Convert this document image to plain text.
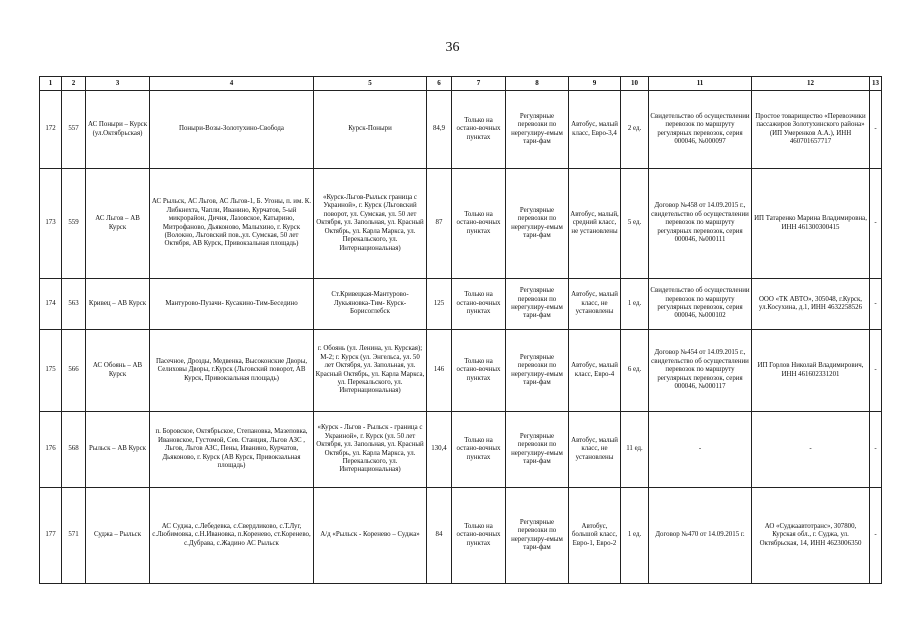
36
1	2	3	4	5	6	7	8	9	10	11	12	13
172	557	АС Поныри – Курск (ул.Октябрьская)	Поныри-Возы-Золотухино-Свобода	Курск-Поныри	84,9	Только на остано-вочных пунктах	Регулярные перевозки по нерегулиру-емым тари-фам	Автобус, малый класс, Евро-3,4	2 ед.	Свидетельство об осуществлении перевозок по маршруту регулярных перевозок, серия 000046, №000097	Простое товарищество «Перевозчики пассажиров Золотухинского района» (ИП Умеренков А.А.), ИНН 460701657717	-
173	559	АС Льгов – АВ Курск	АС Рыльск, АС Льгов, АС Льгов-1, Б. Угоны, п. им. К. Либкнехта, Чапли, Иванино, Курчатов, 5-ый микрорайон, Дичня, Лазовское, Катырино, Митрофаново, Дьяконово, Малыхино, г. Курск (Волокно, Льговский пов.,ул. Сумская, 50 лет Октября, АВ Курск, Привокзальная площадь)	«Курск-Льгов-Рыльск граница с Украиной», г. Курск (Льговский поворот, ул. Сумская, ул. 50 лет Октября, ул. Запольная, ул. Красный Октябрь, ул. Карла Маркса, ул. Перекальского, ул. Интернациональная)	87	Только на остано-вочных пунктах	Регулярные перевозки по нерегулиру-емым тари-фам	Автобус, малый, средний класс, не установлены	5 ед.	Договор №458 от 14.09.2015 г., свидетельство об осуществлении перевозок по маршруту регулярных перевозок, серия 000046, №000111	ИП Татаренко Марина Владимировна, ИНН 461300300415	-
174	563	Кривец – АВ Курск	Мантурово-Пузачи- Кусакино-Тим-Беседино	Ст.Кривецкая-Мантурово-Лукьяновка-Тим- Курск-Борисоглебск	125	Только на остано-вочных пунктах	Регулярные перевозки по нерегулиру-емым тари-фам	Автобус, малый класс, не установлены	1 ед.	Свидетельство об осуществлении перевозок по маршруту регулярных перевозок, серия 000046, №000102	ООО «ТК АВТО», 305048, г.Курск, ул.Косухина, д.1, ИНН 4632258526	-
175	566	АС Обоянь – АВ Курск	Пасечное, Дрозды, Медвенка, Высоконские Дворы, Селиховы Дворы, г.Курск (Льговский поворот, АВ Курск, Привокзальная площадь)	г. Обоянь (ул. Ленина, ул. Курская); М-2; г. Курск (ул. Энгельса, ул. 50 лет Октября, ул. Запольная, ул. Красный Октябрь, ул. Карла Маркса, ул. Перекальского, ул. Интернациональная)	146	Только на остано-вочных пунктах	Регулярные перевозки по нерегулиру-емым тари-фам	Автобус, малый класс, Евро-4	6 ед.	Договор №454 от 14.09.2015 г., свидетельство об осуществлении перевозок по маршруту регулярных перевозок, серия 000046, №000117	ИП Горлов Николай Владимирович, ИНН 461602331201	-
176	568	Рыльск – АВ Курск	п. Боровское, Октябрьское, Степановка, Мазеповка, Ивановское, Густомой, Сев. Станция, Льгов АЗС , Льгов, Льгов АЗС, Пены, Иванино, Курчатов, Дьяконово, г. Курск (АВ Курск, Привокзальная площадь)	«Курск - Льгов - Рыльск - граница с Украиной», г. Курск (ул. 50 лет Октября, ул. Запольная, ул. Красный Октябрь, ул. Карла Маркса, ул. Перекальского, ул. Интернациональная)	130,4	Только на остано-вочных пунктах	Регулярные перевозки по нерегулиру-емым тари-фам	Автобус, малый класс, не установлены	11 ед.	-	-	-
177	571	Суджа – Рыльск	АС Суджа, с.Лебедевка, с.Свердликово, с.Т.Луг, с.Любимовка, с.Н.Ивановка, п.Коренево, ст.Коренево, с.Дубрава, с.Жадино АС Рыльск	А/д «Рыльск - Коренево – Суджа»	84	Только на остано-вочных пунктах	Регулярные перевозки по нерегулиру-емым тари-фам	Автобус, большой класс, Евро-1, Евро-2	1 ед.	Договор №470 от 14.09.2015 г.	АО «Суджаавтотранс», 307800, Курская обл., г. Суджа, ул. Октябрьская, 14, ИНН 4623006350	-
